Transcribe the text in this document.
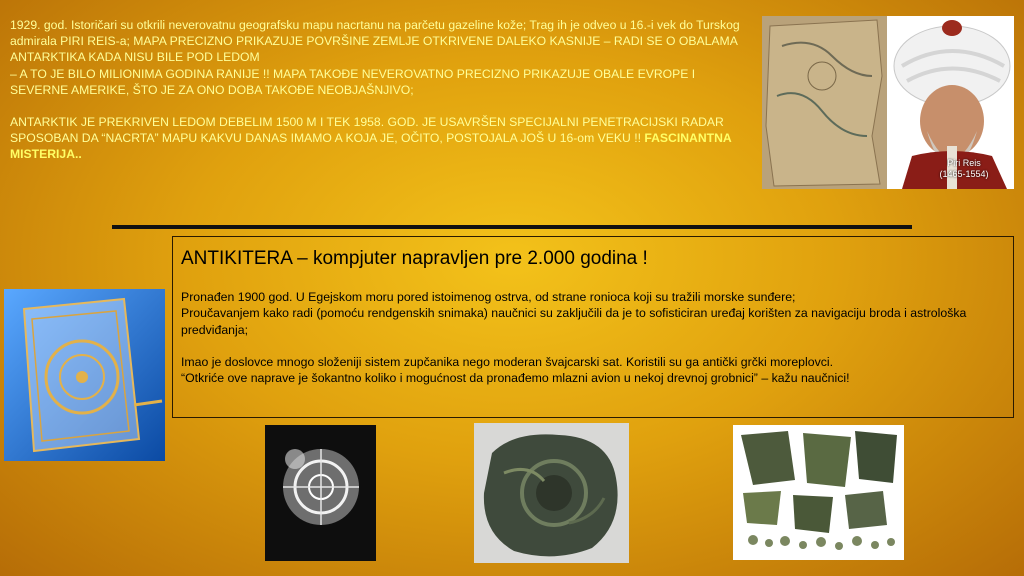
1929. god. Istoričari su otkrili neverovatnu geografsku mapu nacrtanu na parčetu gazeline kože; Trag ih je odveo u 16.-i vek do Turskog admirala PIRI REIS-a; MAPA PRECIZNO PRIKAZUJE POVRŠINE ZEMLJE OTKRIVENE DALEKO KASNIJE – RADI SE O OBALAMA ANTARKTIKA KADA NISU BILE POD LEDOM
– A TO JE BILO MILIONIMA GODINA RANIJE !! MAPA TAKOĐE NEVEROVATNO PRECIZNO PRIKAZUJE OBALE EVROPE I SEVERNE AMERIKE, ŠTO JE ZA ONO DOBA TAKOĐE NEOBJAŠNJIVO;

ANTARKTIK JE PREKRIVEN LEDOM DEBELIM 1500 M I TEK 1958. GOD. JE USAVRŠEN SPECIJALNI PENETRACIJSKI RADAR SPOSOBAN DA “NACRTA” MAPU KAKVU DANAS IMAMO A KOJA JE, OČITO, POSTOJALA JOŠ U 16-om VEKU !! FASCINANTNA MISTERIJA..

Piri Reis
(1465-1554)
ANTIKITERA – kompjuter napravljen pre 2.000 godina !

Pronađen 1900 god. U Egejskom moru pored istoimenog ostrva, od strane ronioca koji su tražili morske sunđere;

Proučavanjem kako radi (pomoću rendgenskih snimaka) naučnici su zaključili da je to sofisticiran uređaj korišten za navigaciju broda i astrološka predviđanja;

Imao je doslovce mnogo složeniji sistem zupčanika nego moderan švajcarski sat. Koristili su ga antički grčki moreplovci.

“Otkriće ove naprave je šokantno koliko i mogućnost da pronađemo mlazni avion u nekoj drevnoj grobnici” – kažu naučnici!
